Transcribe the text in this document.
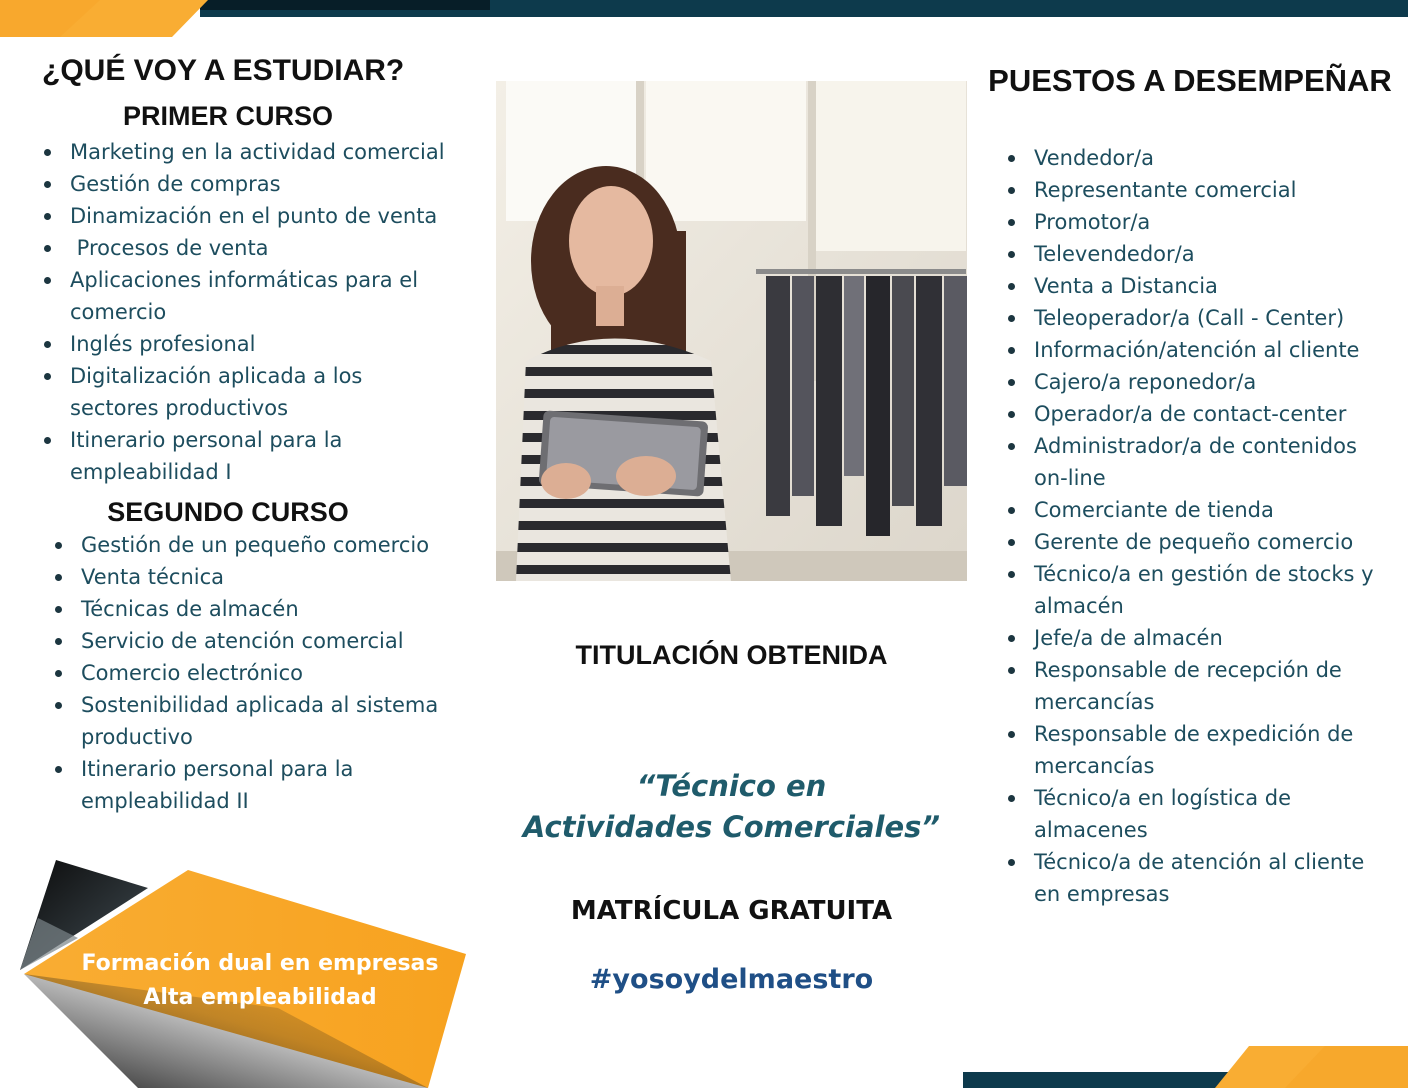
¿QUÉ VOY A ESTUDIAR?
PRIMER CURSO
Marketing en la actividad comercial
Gestión de compras
Dinamización en el punto de venta
Procesos de venta
Aplicaciones informáticas para el comercio
Inglés profesional
Digitalización aplicada a los sectores productivos
Itinerario personal para la empleabilidad I
SEGUNDO CURSO
Gestión de un pequeño comercio
Venta técnica
Técnicas de almacén
Servicio de atención comercial
Comercio electrónico
Sostenibilidad aplicada al sistema productivo
Itinerario personal para la empleabilidad II
Formación dual en empresas
Alta empleabilidad
TITULACIÓN OBTENIDA
“Técnico en
Actividades Comerciales”
MATRÍCULA GRATUITA
#yosoydelmaestro
PUESTOS A DESEMPEÑAR
Vendedor/a
Representante comercial
Promotor/a
Televendedor/a
Venta a Distancia
Teleoperador/a (Call - Center)
Información/atención al cliente
Cajero/a reponedor/a
Operador/a de contact-center
Administrador/a de contenidos on-line
Comerciante de tienda
Gerente de pequeño comercio
Técnico/a en gestión de stocks y almacén
Jefe/a de almacén
Responsable de recepción de mercancías
Responsable de expedición de mercancías
Técnico/a en logística de almacenes
Técnico/a de atención al cliente en empresas
